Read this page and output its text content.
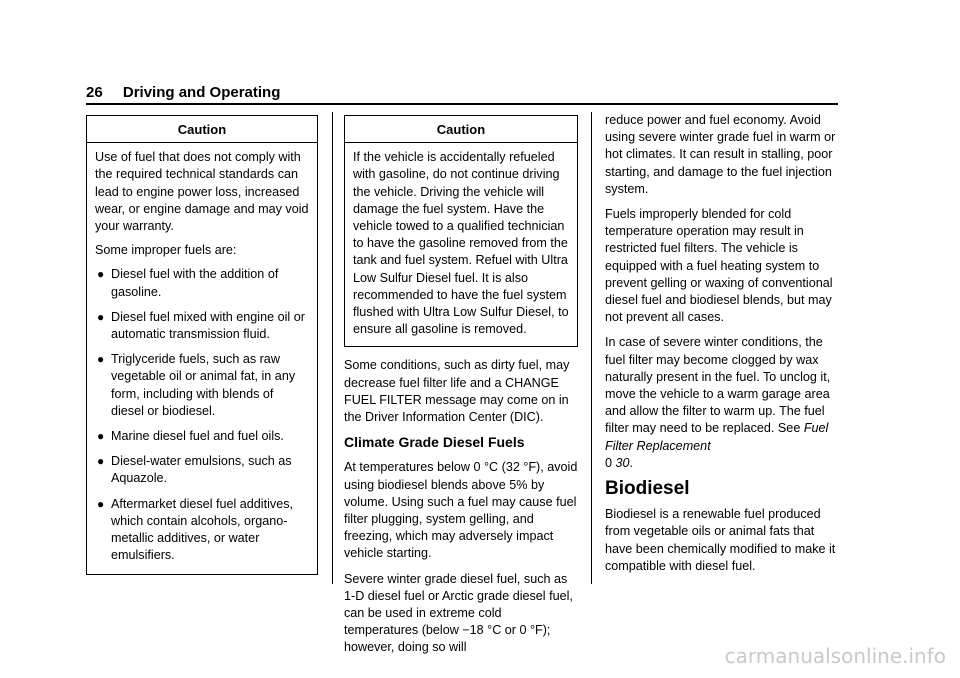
26 Driving and Operating
Caution

Use of fuel that does not comply with the required technical standards can lead to engine power loss, increased wear, or engine damage and may void your warranty.

Some improper fuels are:

● Diesel fuel with the addition of gasoline.
● Diesel fuel mixed with engine oil or automatic transmission fluid.
● Triglyceride fuels, such as raw vegetable oil or animal fat, in any form, including with blends of diesel or biodiesel.
● Marine diesel fuel and fuel oils.
● Diesel-water emulsions, such as Aquazole.
● Aftermarket diesel fuel additives, which contain alcohols, organo-metallic additives, or water emulsifiers.
Caution

If the vehicle is accidentally refueled with gasoline, do not continue driving the vehicle. Driving the vehicle will damage the fuel system. Have the vehicle towed to a qualified technician to have the gasoline removed from the tank and fuel system. Refuel with Ultra Low Sulfur Diesel fuel. It is also recommended to have the fuel system flushed with Ultra Low Sulfur Diesel, to ensure all gasoline is removed.

Some conditions, such as dirty fuel, may decrease fuel filter life and a CHANGE FUEL FILTER message may come on in the Driver Information Center (DIC).

Climate Grade Diesel Fuels

At temperatures below 0 °C (32 °F), avoid using biodiesel blends above 5% by volume. Using such a fuel may cause fuel filter plugging, system gelling, and freezing, which may adversely impact vehicle starting.

Severe winter grade diesel fuel, such as 1-D diesel fuel or Arctic grade diesel fuel, can be used in extreme cold temperatures (below −18 °C or 0 °F); however, doing so will

reduce power and fuel economy. Avoid using severe winter grade fuel in warm or hot climates. It can result in stalling, poor starting, and damage to the fuel injection system.

Fuels improperly blended for cold temperature operation may result in restricted fuel filters. The vehicle is equipped with a fuel heating system to prevent gelling or waxing of conventional diesel fuel and biodiesel blends, but may not prevent all cases.

In case of severe winter conditions, the fuel filter may become clogged by wax naturally present in the fuel. To unclog it, move the vehicle to a warm garage area and allow the filter to warm up. The fuel filter may need to be replaced. See Fuel Filter Replacement
0 30.

Biodiesel

Biodiesel is a renewable fuel produced from vegetable oils or animal fats that have been chemically modified to make it compatible with diesel fuel.

carmanualsonline.info
